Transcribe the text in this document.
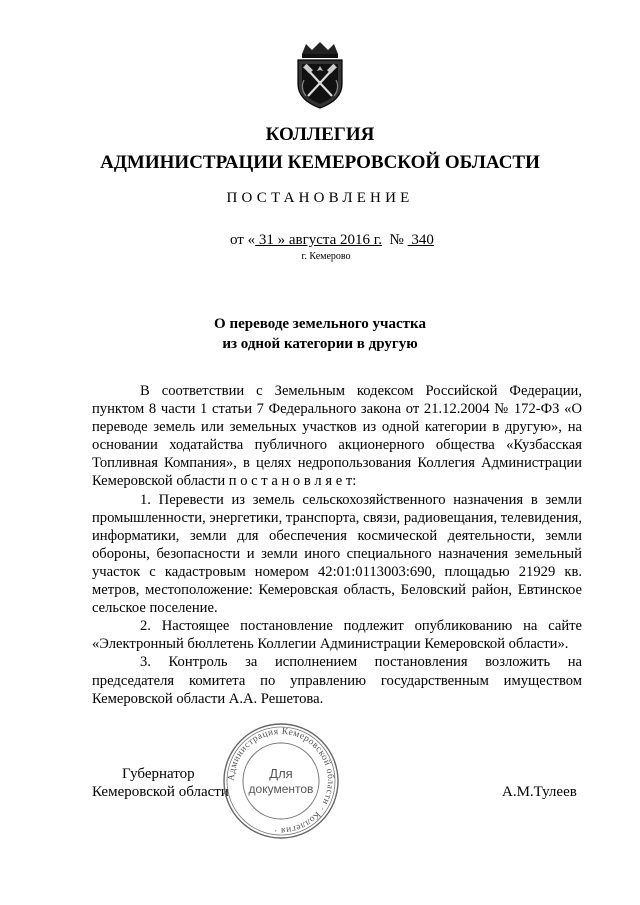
КОЛЛЕГИЯ
АДМИНИСТРАЦИИ КЕМЕРОВСКОЙ ОБЛАСТИ
ПОСТАНОВЛЕНИЕ
от « 31 » августа 2016 г. №  340
г. Кемерово
О переводе земельного участка
из одной категории в другую

В соответствии с Земельным кодексом Российской Федерации, пунктом 8 части 1 статьи 7 Федерального закона от 21.12.2004 № 172-ФЗ «О переводе земель или земельных участков из одной категории в другую», на основании ходатайства публичного акционерного общества «Кузбасская Топливная Компания», в целях недропользования Коллегия Администрации Кемеровской области п о с т а н о в л я е т:

1. Перевести из земель сельскохозяйственного назначения в земли промышленности, энергетики, транспорта, связи, радиовещания, телевидения, информатики, земли для обеспечения космической деятельности, земли обороны, безопасности и земли иного специального назначения земельный участок с кадастровым номером 42:01:0113003:690, площадью 21929 кв. метров, местоположение: Кемеровская область, Беловский район, Евтинское сельское поселение.

2. Настоящее постановление подлежит опубликованию на сайте «Электронный бюллетень Коллегии Администрации Кемеровской области».

3. Контроль за исполнением постановления возложить на председателя комитета по управлению государственным имуществом Кемеровской области А.А. Решетова.

Губернатор
Кемеровской области	А.М.Тулеев
Администрация Кемеровской области · Коллегия ·
Для
документов
